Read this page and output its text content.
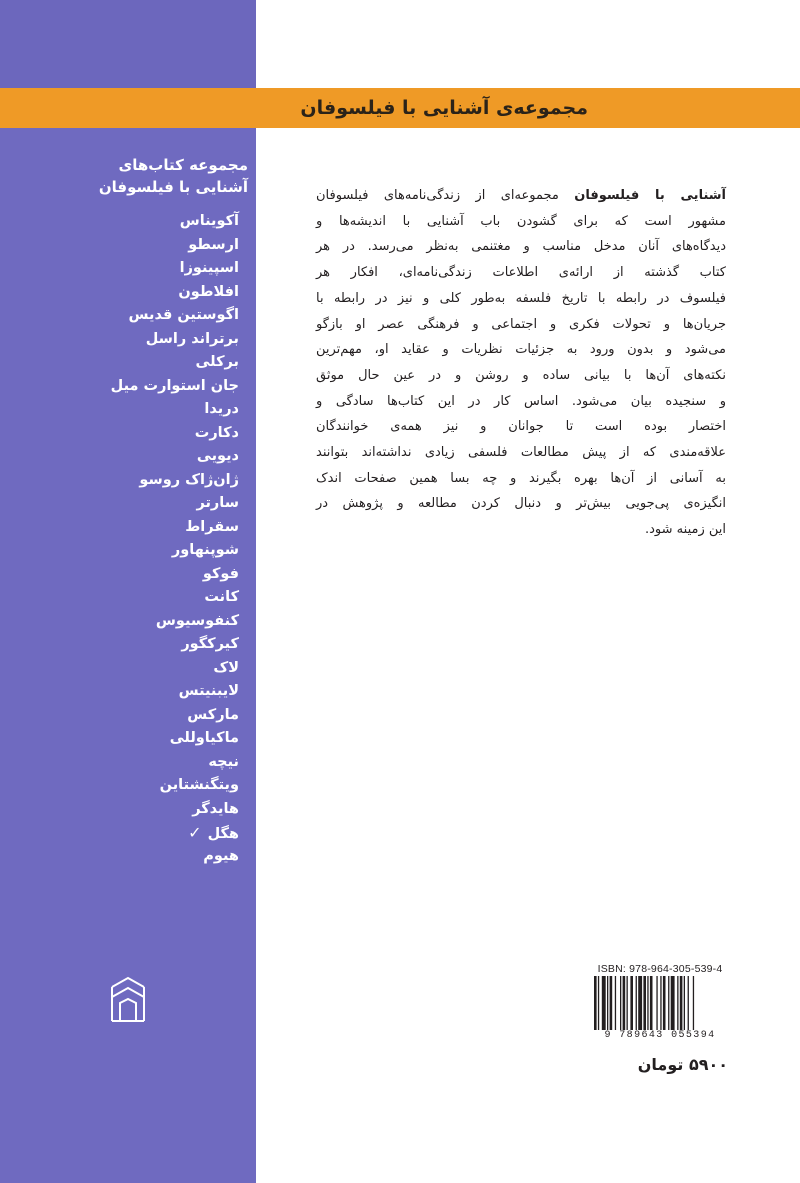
مجموعه‌ی آشنایی با فیلسوفان
مجموعه کتاب‌های
آشنایی با فیلسوفان
آکویناس
ارسطو
اسپینوزا
افلاطون
اگوستین قدیس
برتراند راسل
برکلی
جان استوارت میل
دریدا
دکارت
دیویی
ژان‌ژاک روسو
سارتر
سقراط
شوپنهاور
فوکو
کانت
کنفوسیوس
کیرکگور
لاک
لایبنیتس
مارکس
ماکیاوللی
نیچه
ویتگنشتاین
هایدگر
هگل✓
هیوم
آشنایی با فیلسوفان مجموعه‌ای از زندگی‌نامه‌های فیلسوفان
مشهور است که برای گشودن باب آشنایی با اندیشه‌ها و
دیدگاه‌های آنان مدخل مناسب و مغتنمی به‌نظر می‌رسد. در هر
کتاب گذشته از ارائه‌ی اطلاعات زندگی‌نامه‌ای، افکار هر
فیلسوف در رابطه با تاریخ فلسفه به‌طور کلی و نیز در رابطه با
جریان‌ها و تحولات فکری و اجتماعی و فرهنگی عصر او بازگو
می‌شود و بدون ورود به جزئیات نظریات و عقاید او، مهم‌ترین
نکته‌های آن‌ها با بیانی ساده و روشن و در عین حال موثق
و سنجیده بیان می‌شود. اساس کار در این کتاب‌ها سادگی و
اختصار بوده است تا جوانان و نیز همه‌ی خوانندگان
علاقه‌مندی که از پیش مطالعات فلسفی زیادی نداشته‌اند بتوانند
به آسانی از آن‌ها بهره بگیرند و چه بسا همین صفحات اندک
انگیزه‌ی پی‌جویی بیش‌تر و دنبال کردن مطالعه و پژوهش در
این زمینه شود.
ISBN: 978-964-305-539-4
9 789643 055394
۵۹۰۰ تومان
